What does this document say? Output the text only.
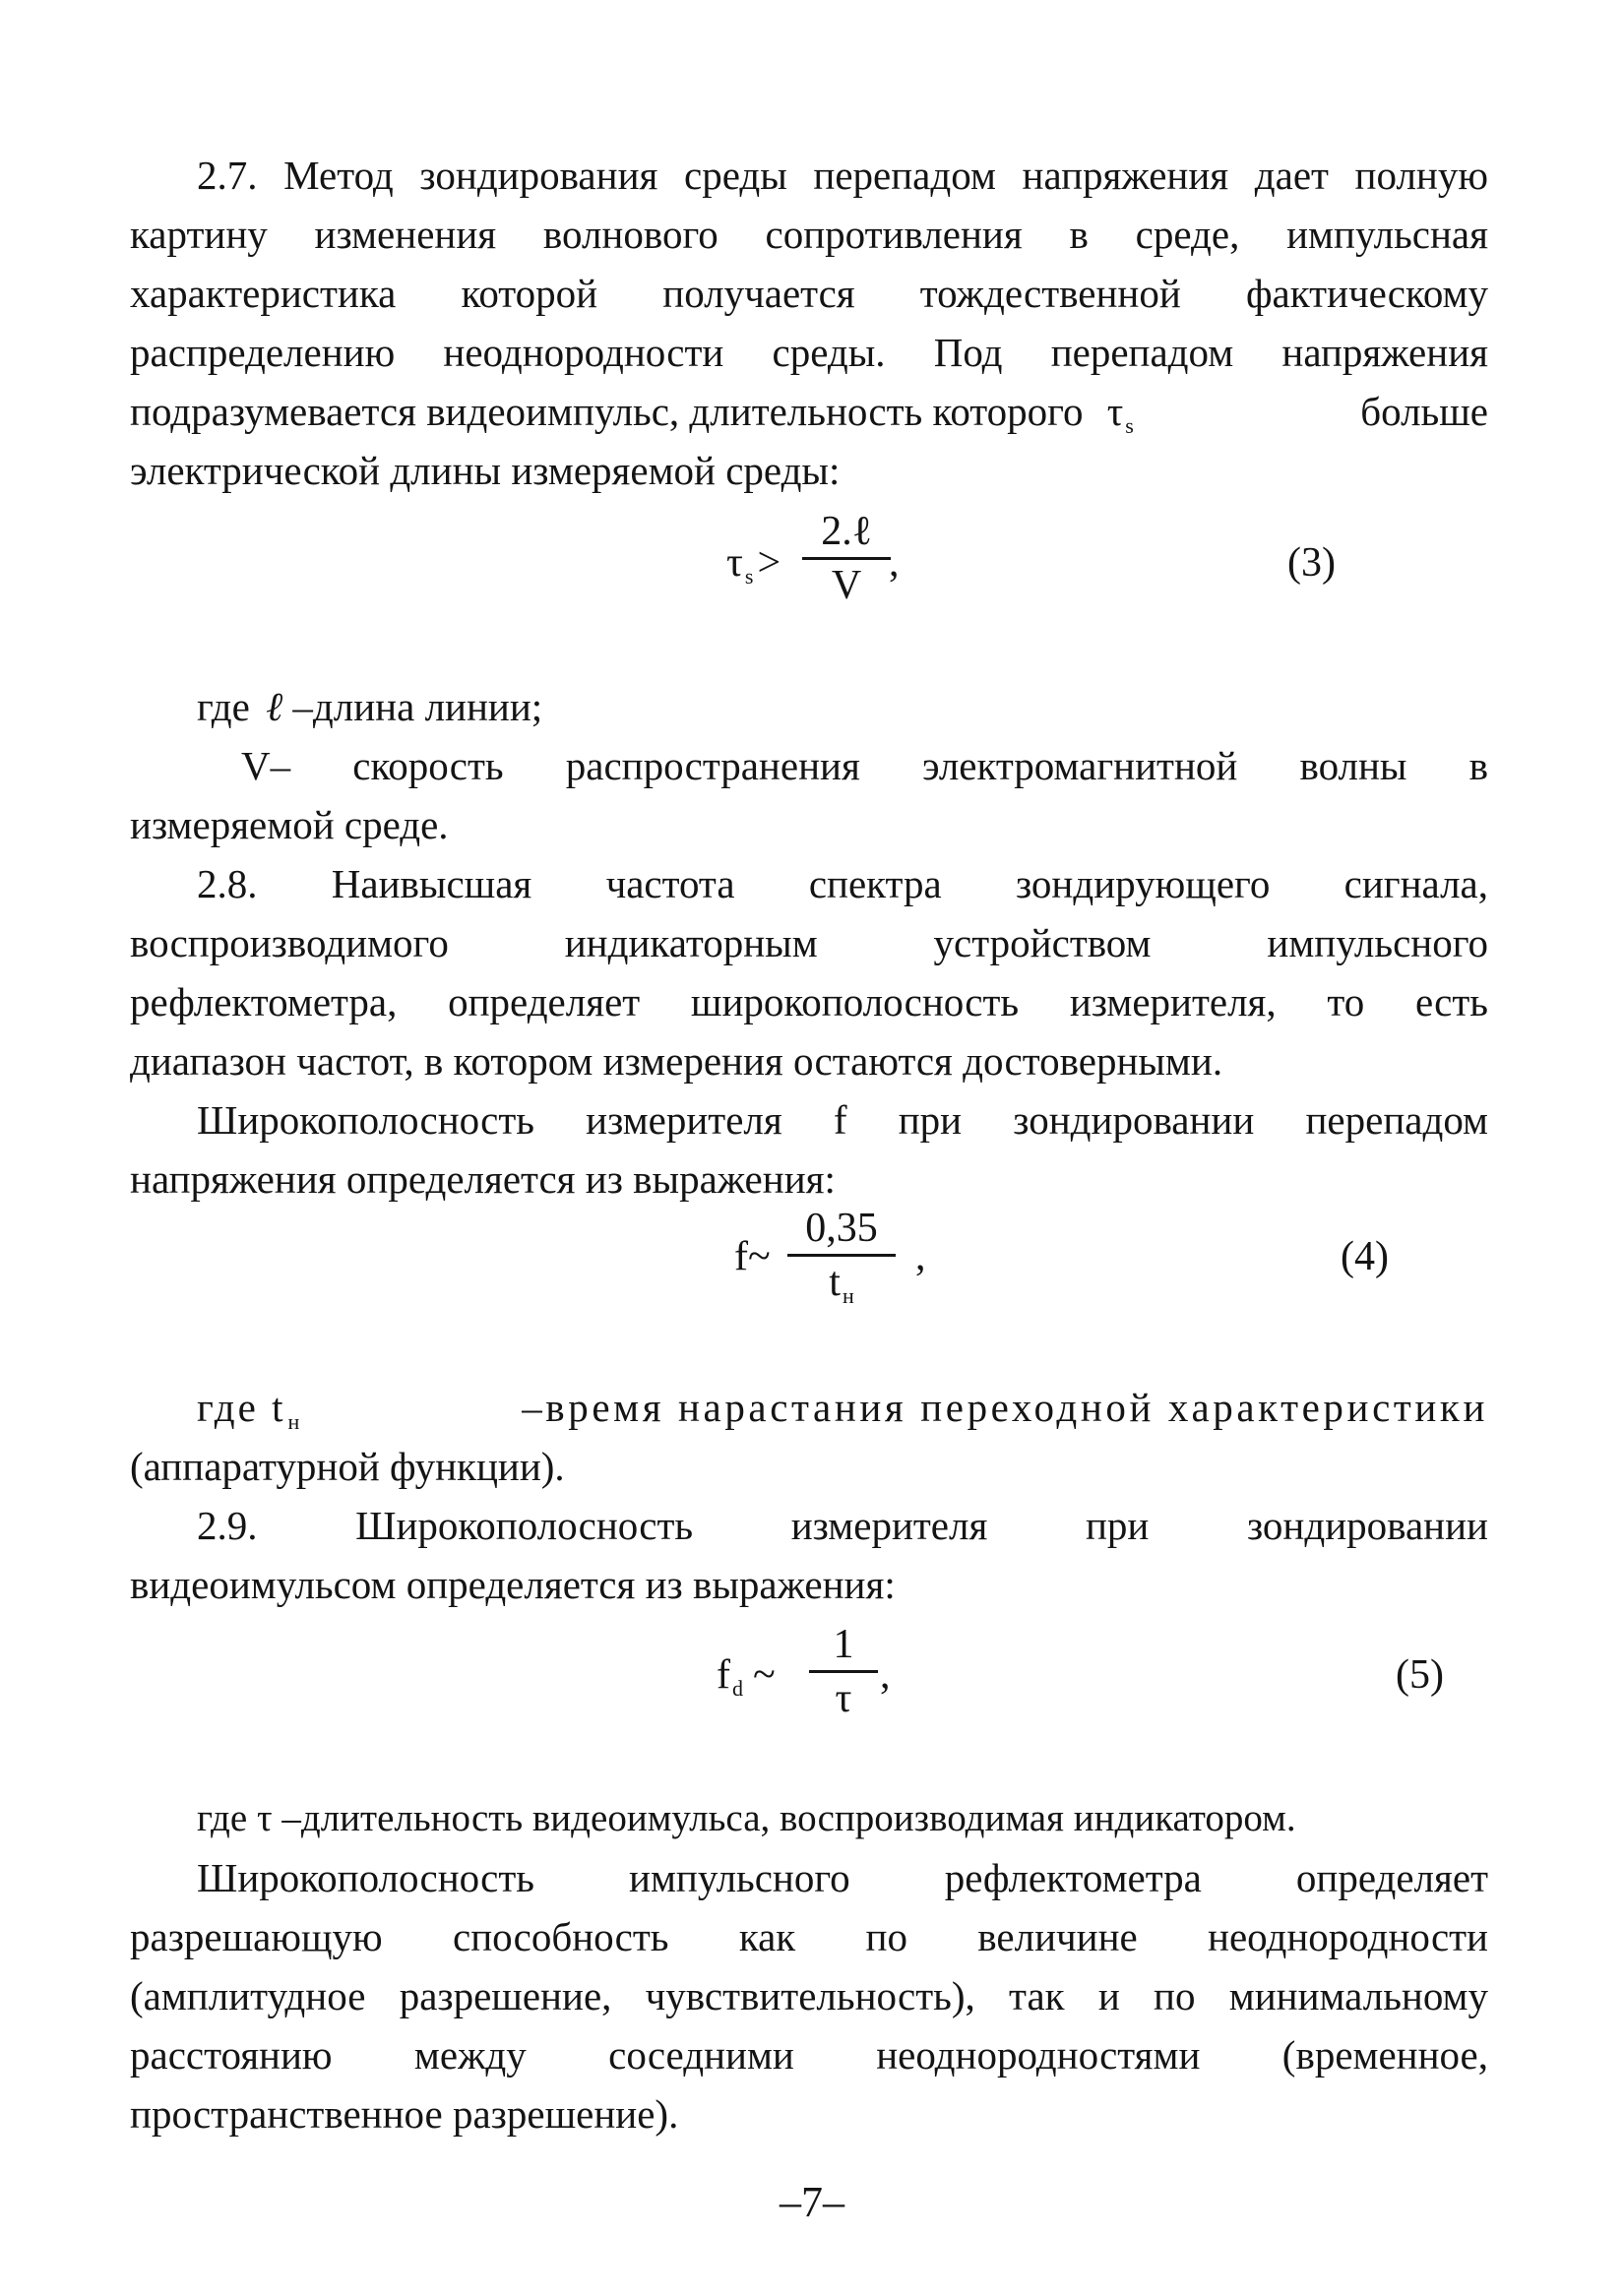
2.7. Метод зондирования среды перепадом напряжения дает полную
картину изменения волнового сопротивления в среде, импульсная
характеристика которой получается тождественной фактическому
распределению неоднородности среды. Под перепадом напряжения
подразумевается видеоимпульс, длительность которого $\tau_s$	больше
электрической длины измеряемой среды:
$\tau_s>$
2.ℓ
V ,	(3)
где ℓ –длина линии;
V– скорость распространения электромагнитной волны в
измеряемой среде.
2.8. Наивысшая частота спектра зондирующего сигнала,
воспроизводимого индикаторным устройством импульсного
рефлектометра, определяет широкополосность измерителя, то есть
диапазон частот, в котором измерения остаются достоверными.
Широкополосность измерителя f при зондировании перепадом
напряжения определяется из выражения:
f~
0,35
$t_н$
,	(4)
где $t_н$	–время нарастания переходной характеристики
(аппаратурной функции).
2.9. Широкополосность измерителя при зондировании
видеоимульсом определяется из выражения:
$f_d$ ~
1
τ
,	(5)
где τ –длительность видеоимульса, воспроизводимая индикатором.
Широкополосность импульсного рефлектометра определяет
разрешающую способность как по величине неоднородности
(амплитудное разрешение, чувствительность), так и по минимальному
расстоянию между соседними неоднородностями (временное,
пространственное разрешение).
–7–
